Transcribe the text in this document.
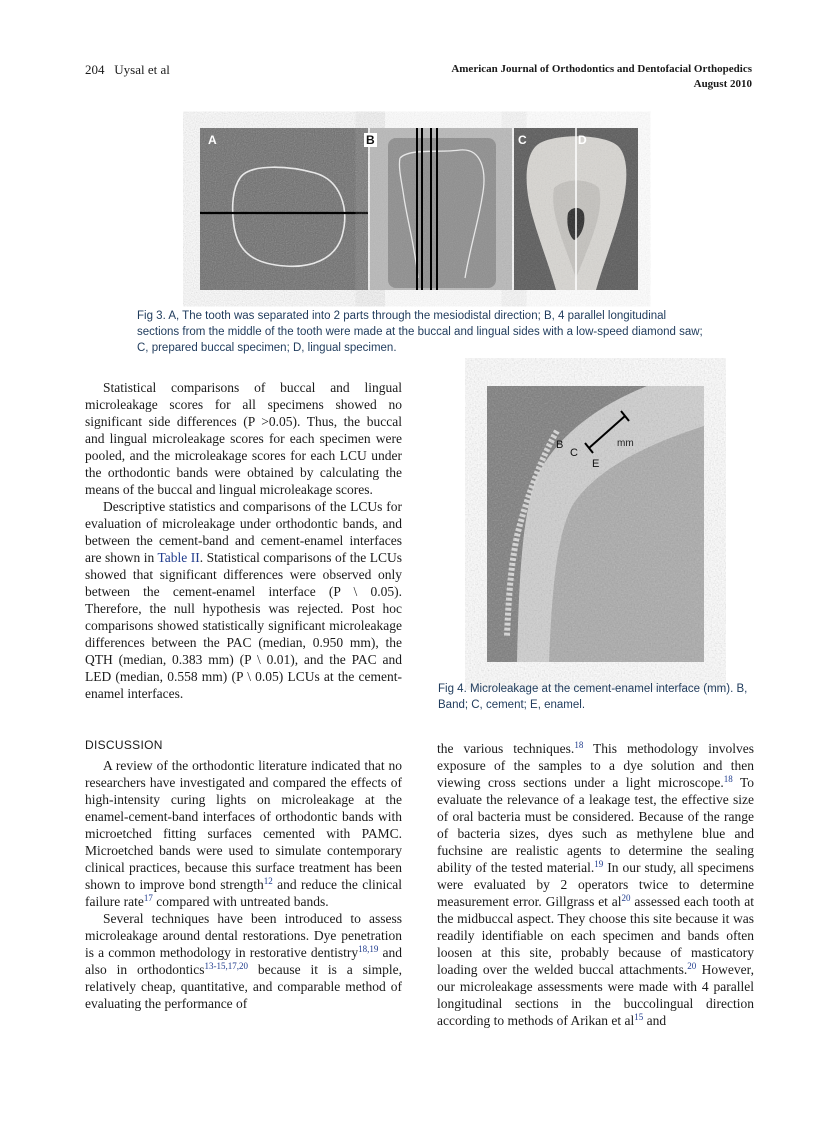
204   Uysal et al	American Journal of Orthodontics and Dentofacial Orthopedics
August 2010
A	B	C	D
Fig 3. A, The tooth was separated into 2 parts through the mesiodistal direction; B, 4 parallel longitudinal sections from the middle of the tooth were made at the buccal and lingual sides with a low-speed diamond saw; C, prepared buccal specimen; D, lingual specimen.

Statistical comparisons of buccal and lingual microleakage scores for all specimens showed no significant side differences (P >0.05). Thus, the buccal and lingual microleakage scores for each specimen were pooled, and the microleakage scores for each LCU under the orthodontic bands were obtained by calculating the means of the buccal and lingual microleakage scores.

Descriptive statistics and comparisons of the LCUs for evaluation of microleakage under orthodontic bands, and between the cement-band and cement-enamel interfaces are shown in Table II. Statistical comparisons of the LCUs showed that significant differences were observed only between the cement-enamel interface (P \ 0.05). Therefore, the null hypothesis was rejected. Post hoc comparisons showed statistically significant microleakage differences between the PAC (median, 0.950 mm), the QTH (median, 0.383 mm) (P \ 0.01), and the PAC and LED (median, 0.558 mm) (P \ 0.05) LCUs at the cement-enamel interfaces.

B
C
E
mm
Fig 4. Microleakage at the cement-enamel interface (mm). B, Band; C, cement; E, enamel.
DISCUSSION

A review of the orthodontic literature indicated that no researchers have investigated and compared the effects of high-intensity curing lights on microleakage at the enamel-cement-band interfaces of orthodontic bands with microetched fitting surfaces cemented with PAMC. Microetched bands were used to simulate contemporary clinical practices, because this surface treatment has been shown to improve bond strength$^{12}$ and reduce the clinical failure rate$^{17}$ compared with untreated bands.

Several techniques have been introduced to assess microleakage around dental restorations. Dye penetration is a common methodology in restorative dentistry$^{18,19}$ and also in orthodontics$^{13-15,17,20}$ because it is a simple, relatively cheap, quantitative, and comparable method of evaluating the performance of

the various techniques.$^{18}$ This methodology involves exposure of the samples to a dye solution and then viewing cross sections under a light microscope.$^{18}$ To evaluate the relevance of a leakage test, the effective size of oral bacteria must be considered. Because of the range of bacteria sizes, dyes such as methylene blue and fuchsine are realistic agents to determine the sealing ability of the tested material.$^{19}$ In our study, all specimens were evaluated by 2 operators twice to determine measurement error. Gillgrass et $al^{20}$ assessed each tooth at the midbuccal aspect. They choose this site because it was readily identifiable on each specimen and bands often loosen at this site, probably because of masticatory loading over the welded buccal attachments.$^{20}$ However, our microleakage assessments were made with 4 parallel longitudinal sections in the buccolingual direction according to methods of Arikan et $al^{15}$ and
